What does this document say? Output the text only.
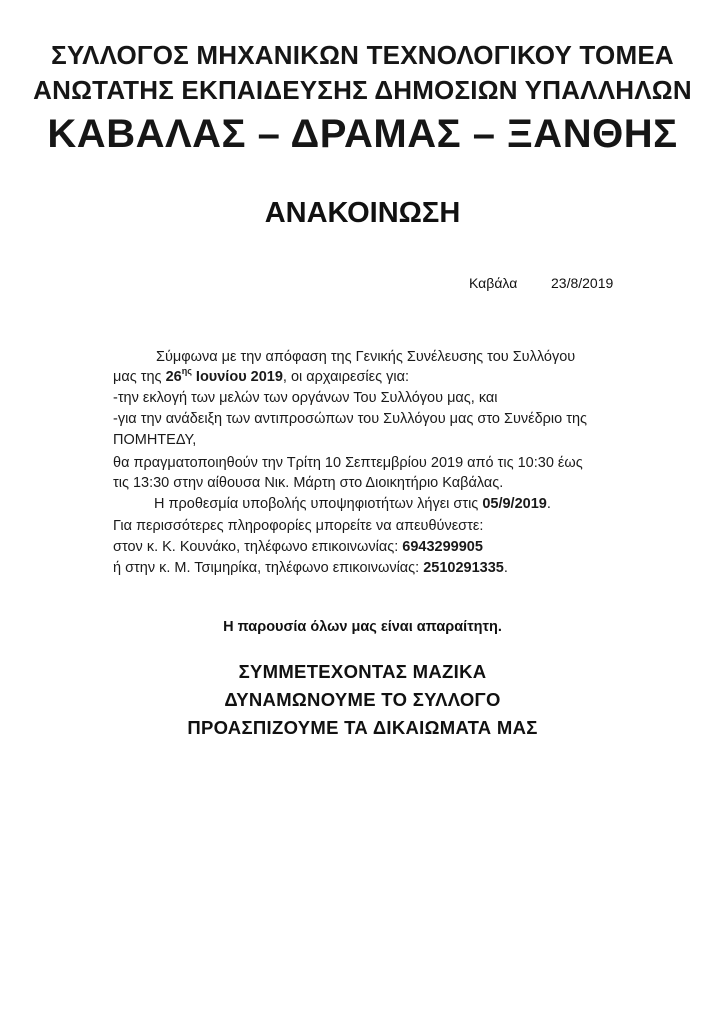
ΣΥΛΛΟΓΟΣ ΜΗΧΑΝΙΚΩΝ ΤΕΧΝΟΛΟΓΙΚΟΥ ΤΟΜΕΑ
ΑΝΩΤΑΤΗΣ ΕΚΠΑΙΔΕΥΣΗΣ ΔΗΜΟΣΙΩΝ ΥΠΑΛΛΗΛΩΝ
ΚΑΒΑΛΑΣ – ΔΡΑΜΑΣ – ΞΑΝΘΗΣ
ΑΝΑΚΟΙΝΩΣΗ
Καβάλα 23/8/2019
Σύμφωνα με την απόφαση της Γενικής Συνέλευσης του Συλλόγου
μας της $26^{\eta\varsigma}$ Ιουνίου 2019, οι αρχαιρεσίες για:
-την εκλογή των μελών των οργάνων Του Συλλόγου μας, και
-για την ανάδειξη των αντιπροσώπων του Συλλόγου μας στο Συνέδριο της
ΠΟΜΗΤΕΔΥ,
θα πραγματοποιηθούν την Τρίτη 10 Σεπτεμβρίου 2019 από τις 10:30 έως
τις 13:30 στην αίθουσα Νικ. Μάρτη στο Διοικητήριο Καβάλας.
Η προθεσμία υποβολής υποψηφιοτήτων λήγει στις 05/9/2019.
Για περισσότερες πληροφορίες μπορείτε να απευθύνεστε:
στον κ. Κ. Κουνάκο, τηλέφωνο επικοινωνίας: 6943299905
ή στην κ. Μ. Τσιμηρίκα, τηλέφωνο επικοινωνίας: 2510291335.
Η παρουσία όλων μας είναι απαραίτητη.
ΣΥΜΜΕΤΕΧΟΝΤΑΣ ΜΑΖΙΚΑ
ΔΥΝΑΜΩΝΟΥΜΕ ΤΟ ΣΥΛΛΟΓΟ
ΠΡΟΑΣΠΙΖΟΥΜΕ ΤΑ ΔΙΚΑΙΩΜΑΤΑ ΜΑΣ
